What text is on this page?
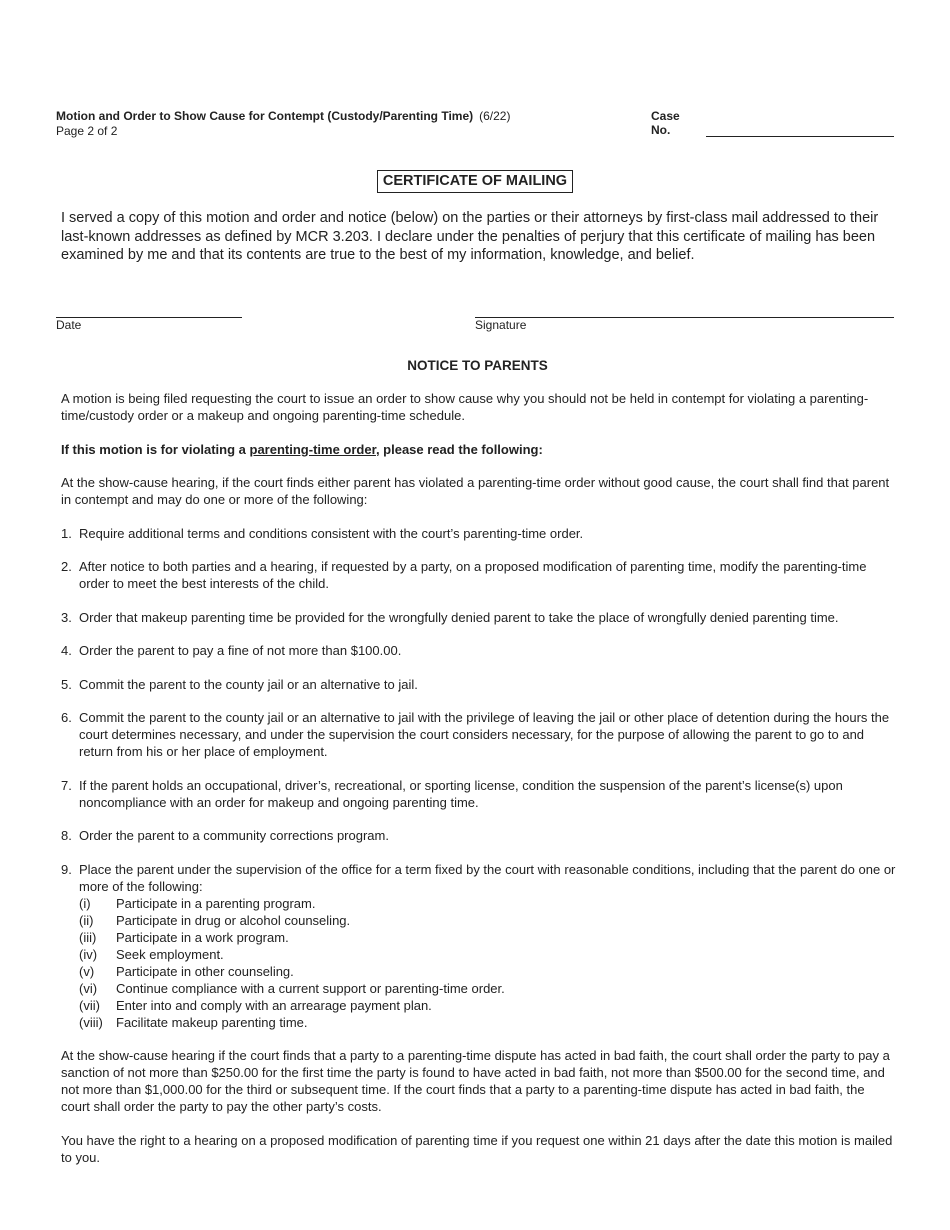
Motion and Order to Show Cause for Contempt (Custody/Parenting Time) (6/22)
Page 2 of 2
Case No.
CERTIFICATE OF MAILING
I served a copy of this motion and order and notice (below) on the parties or their attorneys by first-class mail addressed to their last-known addresses as defined by MCR 3.203. I declare under the penalties of perjury that this certificate of mailing has been examined by me and that its contents are true to the best of my information, knowledge, and belief.
Date	Signature
NOTICE TO PARENTS

A motion is being filed requesting the court to issue an order to show cause why you should not be held in contempt for violating a parenting-time/custody order or a makeup and ongoing parenting-time schedule.

If this motion is for violating a parenting-time order, please read the following:

At the show-cause hearing, if the court finds either parent has violated a parenting-time order without good cause, the court shall find that parent in contempt and may do one or more of the following:

1. Require additional terms and conditions consistent with the court’s parenting-time order.
2. After notice to both parties and a hearing, if requested by a party, on a proposed modification of parenting time, modify the parenting-time order to meet the best interests of the child.
3. Order that makeup parenting time be provided for the wrongfully denied parent to take the place of wrongfully denied parenting time.
4. Order the parent to pay a fine of not more than $100.00.
5. Commit the parent to the county jail or an alternative to jail.
6. Commit the parent to the county jail or an alternative to jail with the privilege of leaving the jail or other place of detention during the hours the court determines necessary, and under the supervision the court considers necessary, for the purpose of allowing the parent to go to and return from his or her place of employment.
7. If the parent holds an occupational, driver’s, recreational, or sporting license, condition the suspension of the parent’s license(s) upon noncompliance with an order for makeup and ongoing parenting time.
8. Order the parent to a community corrections program.
9. Place the parent under the supervision of the office for a term fixed by the court with reasonable conditions, including that the parent do one or more of the following:
(i)	Participate in a parenting program.
(ii)	Participate in drug or alcohol counseling.
(iii)	Participate in a work program.
(iv)	Seek employment.
(v)	Participate in other counseling.
(vi)	Continue compliance with a current support or parenting-time order.
(vii)	Enter into and comply with an arrearage payment plan.
(viii)	Facilitate makeup parenting time.

At the show-cause hearing if the court finds that a party to a parenting-time dispute has acted in bad faith, the court shall order the party to pay a sanction of not more than $250.00 for the first time the party is found to have acted in bad faith, not more than $500.00 for the second time, and not more than $1,000.00 for the third or subsequent time. If the court finds that a party to a parenting-time dispute has acted in bad faith, the court shall order the party to pay the other party’s costs.

You have the right to a hearing on a proposed modification of parenting time if you request one within 21 days after the date this motion is mailed to you.
